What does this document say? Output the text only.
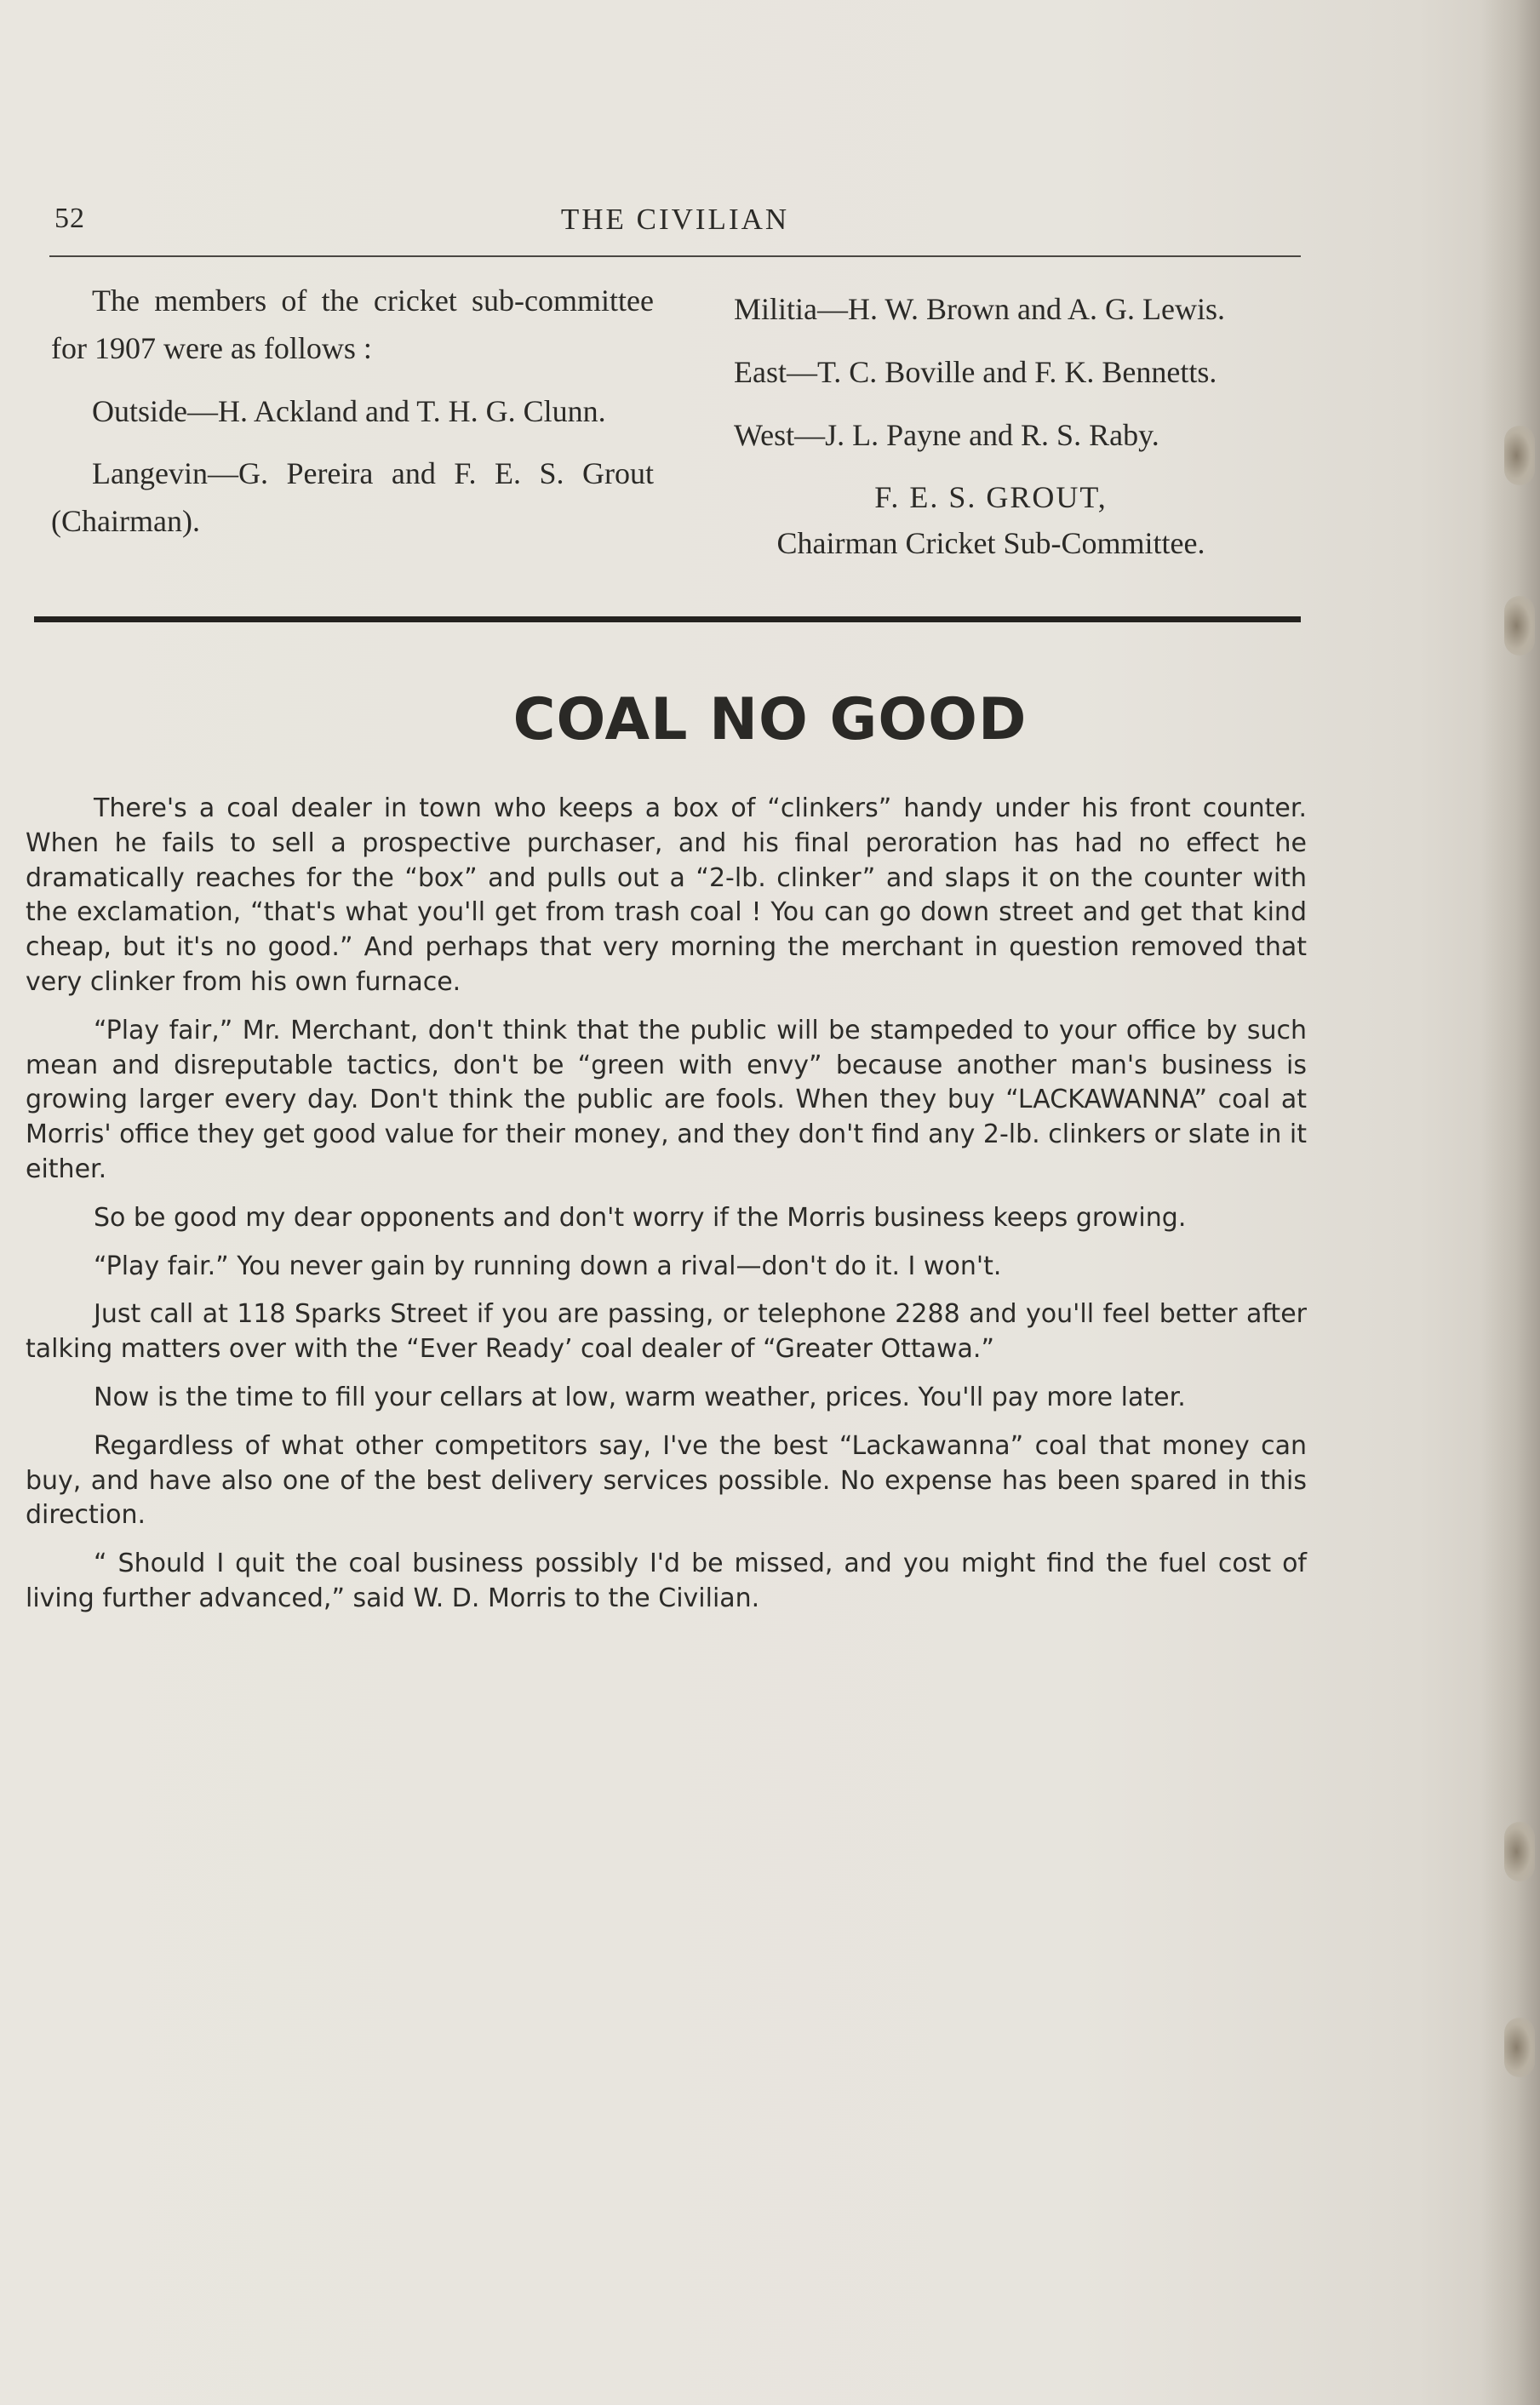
52	THE CIVILIAN

The members of the cricket sub-committee for 1907 were as follows :

Outside—H. Ackland and T. H. G. Clunn.

Langevin—G. Pereira and F. E. S. Grout (Chairman).

Militia—H. W. Brown and A. G. Lewis.

East—T. C. Boville and F. K. Bennetts.

West—J. L. Payne and R. S. Raby.

F. E. S. GROUT,
Chairman Cricket Sub-Committee.
COAL NO GOOD

There's a coal dealer in town who keeps a box of “clinkers” handy under his front counter. When he fails to sell a prospective purchaser, and his final peroration has had no effect he dramatically reaches for the “box” and pulls out a “2-lb. clinker” and slaps it on the counter with the exclamation, “that's what you'll get from trash coal ! You can go down street and get that kind cheap, but it's no good.” And perhaps that very morning the merchant in question removed that very clinker from his own furnace.

“Play fair,” Mr. Merchant, don't think that the public will be stampeded to your office by such mean and disreputable tactics, don't be “green with envy” because another man's business is growing larger every day. Don't think the public are fools. When they buy “LACKAWANNA” coal at Morris' office they get good value for their money, and they don't find any 2-lb. clinkers or slate in it either.

So be good my dear opponents and don't worry if the Morris business keeps growing.

“Play fair.” You never gain by running down a rival—don't do it. I won't.

Just call at 118 Sparks Street if you are passing, or telephone 2288 and you'll feel better after talking matters over with the “Ever Ready’ coal dealer of “Greater Ottawa.”

Now is the time to fill your cellars at low, warm weather, prices. You'll pay more later.

Regardless of what other competitors say, I've the best “Lackawanna” coal that money can buy, and have also one of the best delivery services possible. No expense has been spared in this direction.

“ Should I quit the coal business possibly I'd be missed, and you might find the fuel cost of living further advanced,” said W. D. Morris to the Civilian.
